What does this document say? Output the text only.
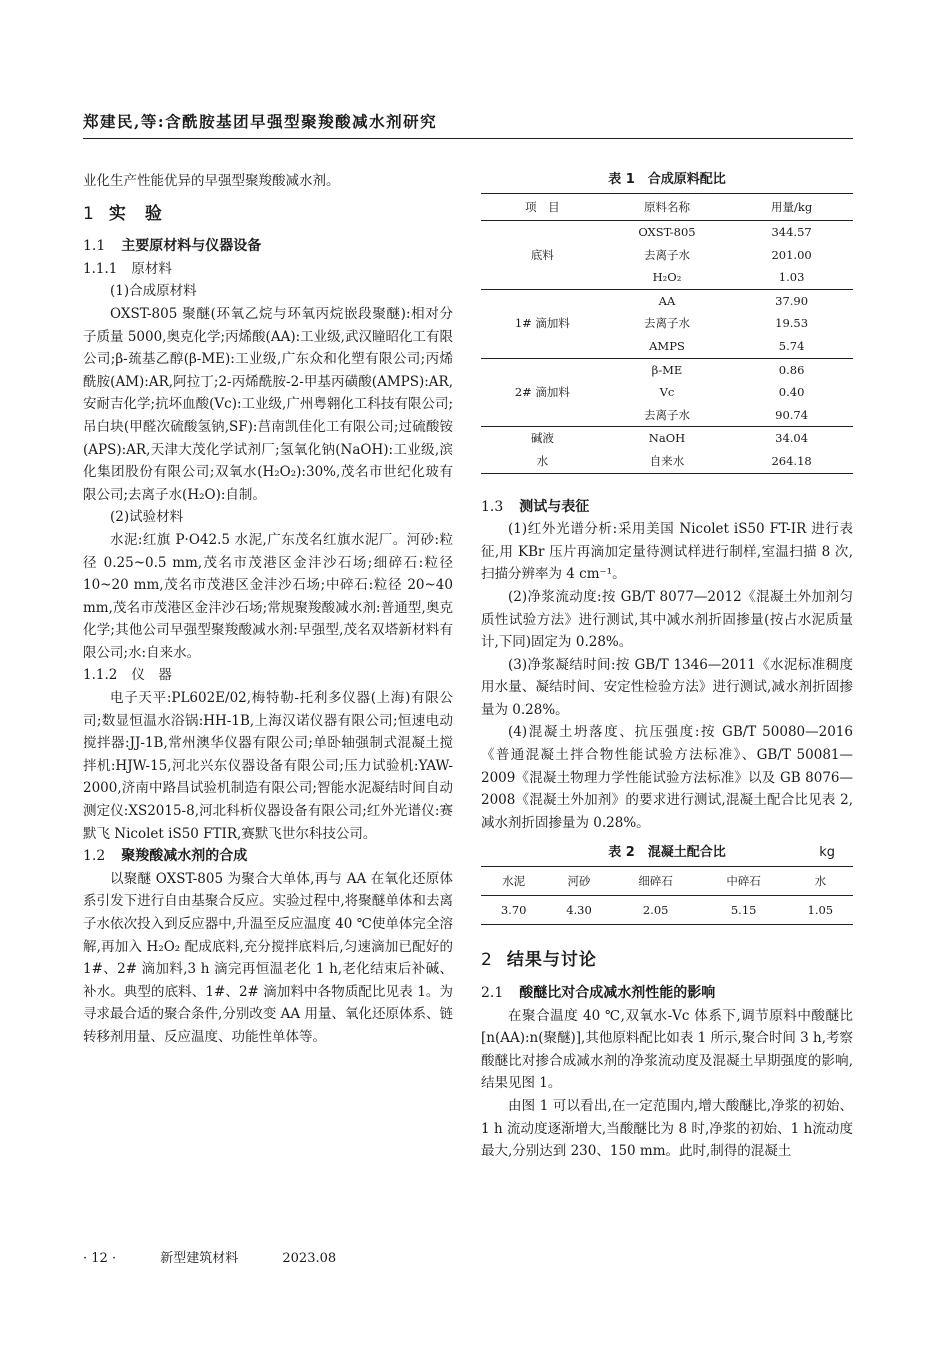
郑建民,等:含酰胺基团早强型聚羧酸减水剂研究

业化生产性能优异的早强型聚羧酸减水剂。

1 实　验
1.1 主要原材料与仪器设备
1.1.1 原材料

(1)合成原材料

OXST-805 聚醚(环氧乙烷与环氧丙烷嵌段聚醚):相对分子质量 5000,奥克化学;丙烯酸(AA):工业级,武汉瞳昭化工有限公司;β-巯基乙醇(β-ME):工业级,广东众和化塑有限公司;丙烯酰胺(AM):AR,阿拉丁;2-丙烯酰胺-2-甲基丙磺酸(AMPS):AR,安耐吉化学;抗坏血酸(Vc):工业级,广州粤翱化工科技有限公司;吊白块(甲醛次硫酸氢钠,SF):莒南凯佳化工有限公司;过硫酸铵(APS):AR,天津大茂化学试剂厂;氢氧化钠(NaOH):工业级,滨化集团股份有限公司;双氧水(H₂O₂):30%,茂名市世纪化玻有限公司;去离子水(H₂O):自制。

(2)试验材料

水泥:红旗 P·O42.5 水泥,广东茂名红旗水泥厂。河砂:粒径 0.25~0.5 mm,茂名市茂港区金沣沙石场;细碎石:粒径 10~20 mm,茂名市茂港区金沣沙石场;中碎石:粒径 20~40 mm,茂名市茂港区金沣沙石场;常规聚羧酸减水剂:普通型,奥克化学;其他公司早强型聚羧酸减水剂:早强型,茂名双塔新材料有限公司;水:自来水。

1.1.2 仪　器

电子天平:PL602E/02,梅特勒-托利多仪器(上海)有限公司;数显恒温水浴锅:HH-1B,上海汉诺仪器有限公司;恒速电动搅拌器:JJ-1B,常州澳华仪器有限公司;单卧轴强制式混凝土搅拌机:HJW-15,河北兴东仪器设备有限公司;压力试验机:YAW-2000,济南中路昌试验机制造有限公司;智能水泥凝结时间自动测定仪:XS2015-8,河北科析仪器设备有限公司;红外光谱仪:赛默飞 Nicolet iS50 FTIR,赛默飞世尔科技公司。

1.2 聚羧酸减水剂的合成

以聚醚 OXST-805 为聚合大单体,再与 AA 在氧化还原体系引发下进行自由基聚合反应。实验过程中,将聚醚单体和去离子水依次投入到反应器中,升温至反应温度 40 ℃使单体完全溶解,再加入 H₂O₂ 配成底料,充分搅拌底料后,匀速滴加已配好的 1#、2# 滴加料,3 h 滴完再恒温老化 1 h,老化结束后补碱、补水。典型的底料、1#、2# 滴加料中各物质配比见表 1。为寻求最合适的聚合条件,分别改变 AA 用量、氧化还原体系、链转移剂用量、反应温度、功能性单体等。

表 1　合成原料配比
项　目	原料名称	用量/kg
底料	OXST-805	344.57
	去离子水	201.00
	H₂O₂	1.03
1# 滴加料	AA	37.90
	去离子水	19.53
	AMPS	5.74
2# 滴加料	β-ME	0.86
	Vc	0.40
	去离子水	90.74
碱液	NaOH	34.04
水	自来水	264.18
1.3 测试与表征

(1)红外光谱分析:采用美国 Nicolet iS50 FT-IR 进行表征,用 KBr 压片再滴加定量待测试样进行制样,室温扫描 8 次,扫描分辨率为 4 cm⁻¹。

(2)净浆流动度:按 GB/T 8077—2012《混凝土外加剂匀质性试验方法》进行测试,其中减水剂折固掺量(按占水泥质量计,下同)固定为 0.28%。

(3)净浆凝结时间:按 GB/T 1346—2011《水泥标准稠度用水量、凝结时间、安定性检验方法》进行测试,减水剂折固掺量为 0.28%。

(4)混凝土坍落度、抗压强度:按 GB/T 50080—2016《普通混凝土拌合物性能试验方法标准》、GB/T 50081—2009《混凝土物理力学性能试验方法标准》以及 GB 8076—2008《混凝土外加剂》的要求进行测试,混凝土配合比见表 2,减水剂折固掺量为 0.28%。

表 2　混凝土配合比	kg
水泥	河砂	细碎石	中碎石	水
3.70	4.30	2.05	5.15	1.05
2 结果与讨论
2.1 酸醚比对合成减水剂性能的影响

在聚合温度 40 ℃,双氧水-Vc 体系下,调节原料中酸醚比[n(AA):n(聚醚)],其他原料配比如表 1 所示,聚合时间 3 h,考察酸醚比对掺合成减水剂的净浆流动度及混凝土早期强度的影响,结果见图 1。

由图 1 可以看出,在一定范围内,增大酸醚比,净浆的初始、1 h 流动度逐渐增大,当酸醚比为 8 时,净浆的初始、1 h流动度最大,分别达到 230、150 mm。此时,制得的混凝土

· 12 ·	新型建筑材料	2023.08
